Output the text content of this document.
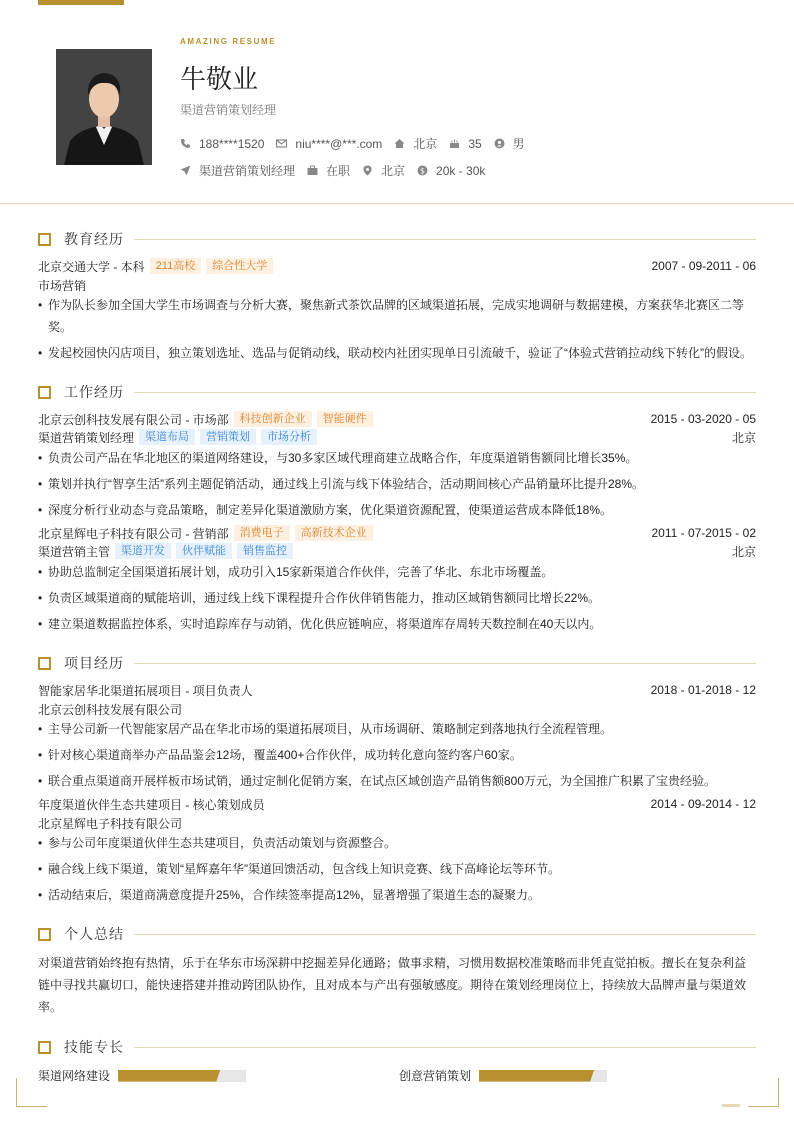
AMAZING RESUME
牛敬业
渠道营销策划经理
188****1520	niu****@***.com	北京	35	男
渠道营销策划经理	在职	北京 $ 20k - 30k
教育经历
北京交通大学 - 本科	211高校	综合性大学	2007 - 09-2011 - 06
市场营销
• 作为队长参加全国大学生市场调查与分析大赛，聚焦新式茶饮品牌的区域渠道拓展，完成实地调研与数据建模，方案获华北赛区二等奖。
• 发起校园快闪店项目，独立策划选址、选品与促销动线，联动校内社团实现单日引流破千，验证了“体验式营销拉动线下转化”的假设。
工作经历
北京云创科技发展有限公司 - 市场部	科技创新企业	智能硬件	2015 - 03-2020 - 05
渠道营销策划经理	渠道布局	营销策划	市场分析	北京
• 负责公司产品在华北地区的渠道网络建设，与30多家区域代理商建立战略合作，年度渠道销售额同比增长35%。
• 策划并执行“智享生活”系列主题促销活动，通过线上引流与线下体验结合，活动期间核心产品销量环比提升28%。
• 深度分析行业动态与竞品策略，制定差异化渠道激励方案，优化渠道资源配置，使渠道运营成本降低18%。
北京星辉电子科技有限公司 - 营销部	消费电子	高新技术企业	2011 - 07-2015 - 02
渠道营销主管	渠道开发	伙伴赋能	销售监控	北京
• 协助总监制定全国渠道拓展计划，成功引入15家新渠道合作伙伴，完善了华北、东北市场覆盖。
• 负责区域渠道商的赋能培训，通过线上线下课程提升合作伙伴销售能力，推动区域销售额同比增长22%。
• 建立渠道数据监控体系，实时追踪库存与动销，优化供应链响应，将渠道库存周转天数控制在40天以内。
项目经历
智能家居华北渠道拓展项目 - 项目负责人	2018 - 01-2018 - 12
北京云创科技发展有限公司
• 主导公司新一代智能家居产品在华北市场的渠道拓展项目，从市场调研、策略制定到落地执行全流程管理。
• 针对核心渠道商举办产品品鉴会12场，覆盖400+合作伙伴，成功转化意向签约客户60家。
• 联合重点渠道商开展样板市场试销，通过定制化促销方案，在试点区域创造产品销售额800万元，为全国推广积累了宝贵经验。
年度渠道伙伴生态共建项目 - 核心策划成员	2014 - 09-2014 - 12
北京星辉电子科技有限公司
• 参与公司年度渠道伙伴生态共建项目，负责活动策划与资源整合。
• 融合线上线下渠道，策划“星辉嘉年华”渠道回馈活动，包含线上知识竞赛、线下高峰论坛等环节。
• 活动结束后，渠道商满意度提升25%，合作续签率提高12%，显著增强了渠道生态的凝聚力。
个人总结
对渠道营销始终抱有热情，乐于在华东市场深耕中挖掘差异化通路；做事求精，习惯用数据校准策略而非凭直觉拍板。擅长在复杂利益链中寻找共赢切口，能快速搭建并推动跨团队协作，且对成本与产出有强敏感度。期待在策划经理岗位上，持续放大品牌声量与渠道效率。
技能专长
渠道网络建设	创意营销策划
